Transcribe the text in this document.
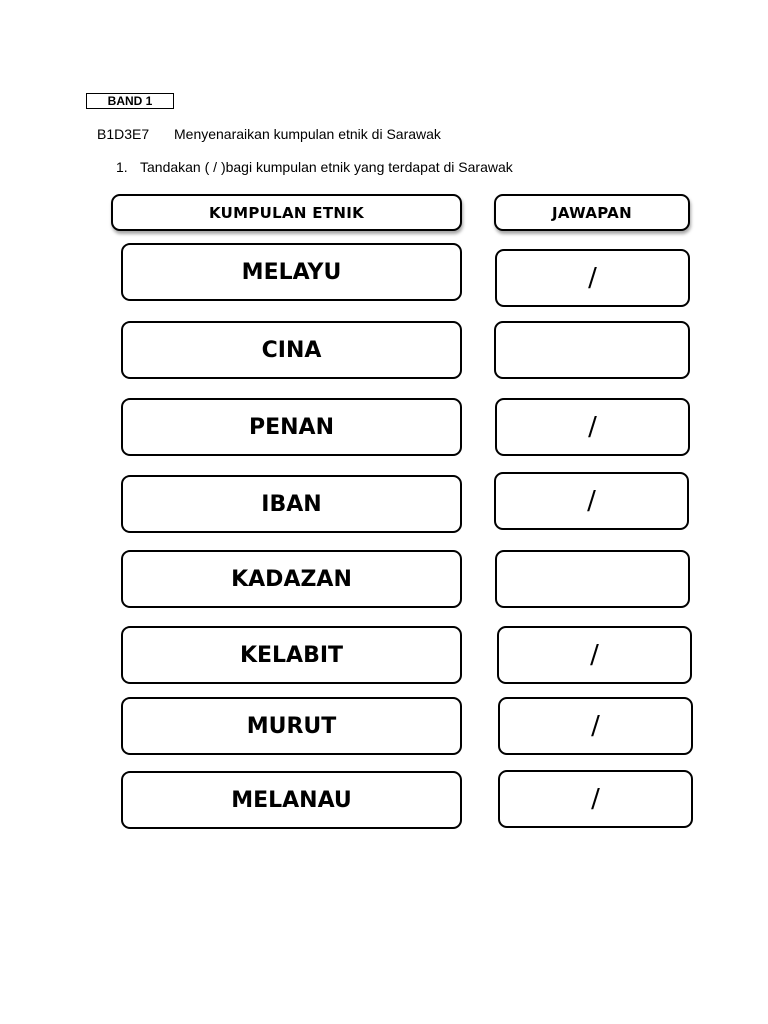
BAND 1
B1D3E7 Menyenaraikan kumpulan etnik di Sarawak
1. Tandakan ( / )bagi kumpulan etnik yang terdapat di Sarawak
KUMPULAN ETNIK	JAWAPAN
MELAYU	/
CINA
PENAN	/
IBAN	/
KADAZAN
KELABIT	/
MURUT	/
MELANAU	/
